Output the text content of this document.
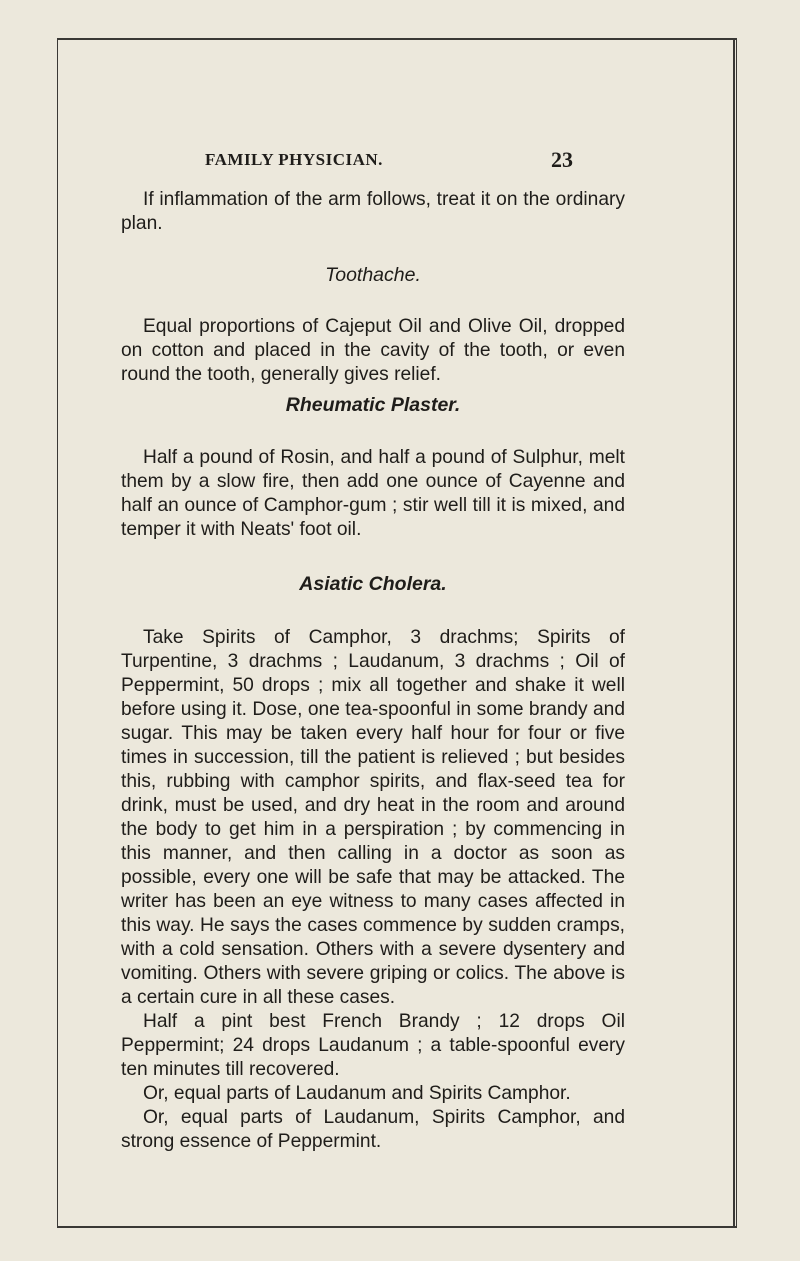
FAMILY PHYSICIAN.	23

If inflammation of the arm follows, treat it on the ordinary plan.

Toothache.

Equal proportions of Cajeput Oil and Olive Oil, dropped on cotton and placed in the cavity of the tooth, or even round the tooth, generally gives relief.

Rheumatic Plaster.

Half a pound of Rosin, and half a pound of Sulphur, melt them by a slow fire, then add one ounce of Cayenne and half an ounce of Camphor-gum ; stir well till it is mixed, and temper it with Neats' foot oil.

Asiatic Cholera.

Take Spirits of Camphor, 3 drachms; Spirits of Turpentine, 3 drachms ; Laudanum, 3 drachms ; Oil of Peppermint, 50 drops ; mix all together and shake it well before using it. Dose, one tea-spoonful in some brandy and sugar. This may be taken every half hour for four or five times in succession, till the patient is relieved ; but besides this, rubbing with camphor spirits, and flax-seed tea for drink, must be used, and dry heat in the room and around the body to get him in a perspiration ; by commencing in this manner, and then calling in a doctor as soon as possible, every one will be safe that may be attacked. The writer has been an eye witness to many cases affected in this way. He says the cases commence by sudden cramps, with a cold sensation. Others with a severe dysentery and vomiting. Others with severe griping or colics. The above is a certain cure in all these cases.

Half a pint best French Brandy ; 12 drops Oil Peppermint; 24 drops Laudanum ; a table-spoonful every ten minutes till recovered.

Or, equal parts of Laudanum and Spirits Camphor.

Or, equal parts of Laudanum, Spirits Camphor, and strong essence of Peppermint.
